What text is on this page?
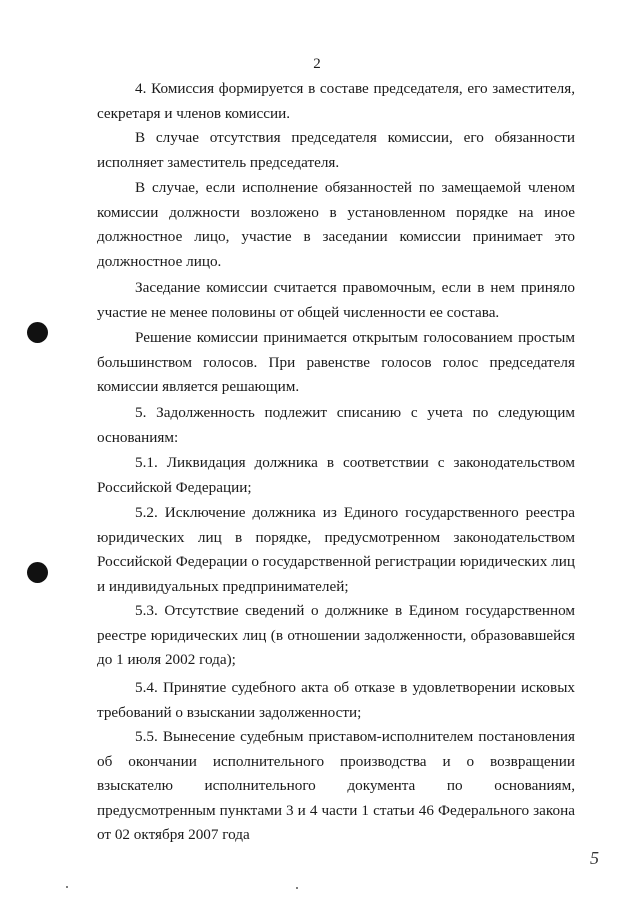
2

4. Комиссия формируется в составе председателя, его заместителя, секретаря и членов комиссии.

В случае отсутствия председателя комиссии, его обязанности исполняет заместитель председателя.

В случае, если исполнение обязанностей по замещаемой членом комиссии должности возложено в установленном порядке на иное должностное лицо, участие в заседании комиссии принимает это должностное лицо.

Заседание комиссии считается правомочным, если в нем приняло участие не менее половины от общей численности ее состава.

Решение комиссии принимается открытым голосованием простым большинством голосов. При равенстве голосов голос председателя комиссии является решающим.

5. Задолженность подлежит списанию с учета по следующим основаниям:

5.1. Ликвидация должника в соответствии с законодательством Российской Федерации;

5.2. Исключение должника из Единого государственного реестра юридических лиц в порядке, предусмотренном законодательством Российской Федерации о государственной регистрации юридических лиц и индивидуальных предпринимателей;

5.3. Отсутствие сведений о должнике в Едином государственном реестре юридических лиц (в отношении задолженности, образовавшейся до 1 июля 2002 года);

5.4. Принятие судебного акта об отказе в удовлетворении исковых требований о взыскании задолженности;

5.5. Вынесение судебным приставом-исполнителем постановления об окончании исполнительного производства и о возвращении взыскателю исполнительного документа по основаниям, предусмотренным пунктами 3 и 4 части 1 статьи 46 Федерального закона от 02 октября 2007 года

5
